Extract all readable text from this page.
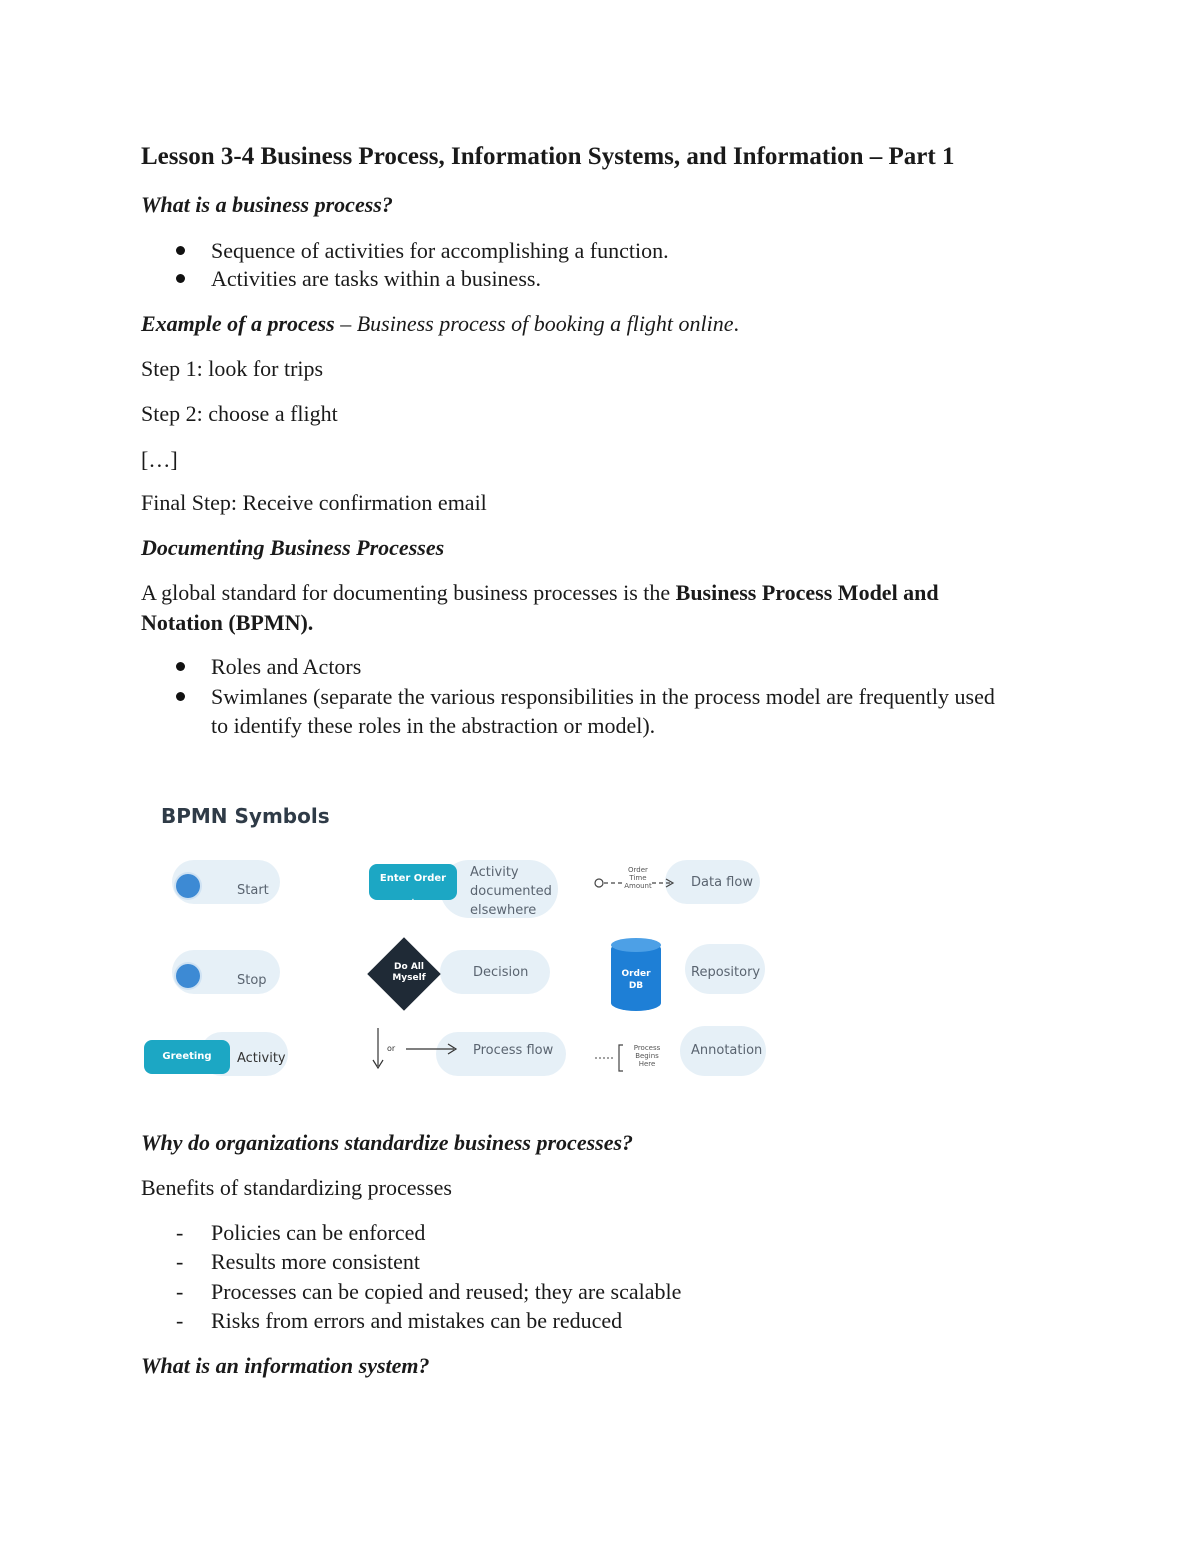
Lesson 3-4 Business Process, Information Systems, and Information – Part 1
What is a business process?
Sequence of activities for accomplishing a function.
Activities are tasks within a business.
Example of a process – Business process of booking a flight online.
Step 1: look for trips
Step 2: choose a flight
[…]
Final Step: Receive confirmation email
Documenting Business Processes
A global standard for documenting business processes is the Business Process Model and
Notation (BPMN).
Roles and Actors
Swimlanes (separate the various responsibilities in the process model are frequently used
to identify these roles in the abstraction or model).
BPMN Symbols
Start
Stop
Greeting	Activity
Enter Order
+
Activity
documented
elsewhere
Do All
Myself	Decision
or	Process flow
Order
Time
Amount	Data flow
Order
DB
Repository
Process
Begins
Here
Annotation
Why do organizations standardize business processes?
Benefits of standardizing processes
- Policies can be enforced
- Results more consistent
- Processes can be copied and reused; they are scalable
- Risks from errors and mistakes can be reduced
What is an information system?
